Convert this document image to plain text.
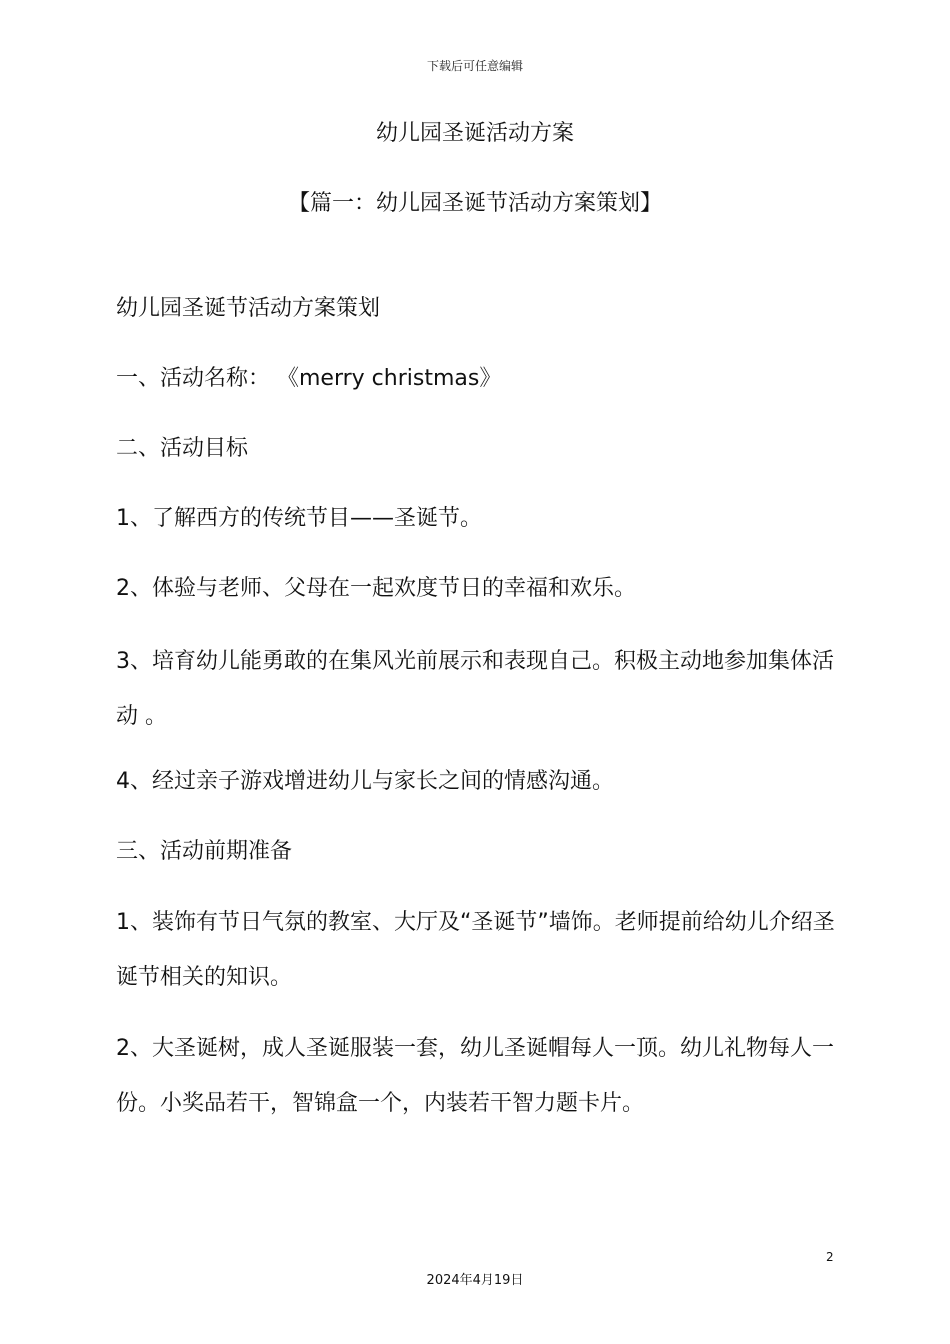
下载后可任意编辑
幼儿园圣诞活动方案
【篇一：幼儿园圣诞节活动方案策划】
幼儿园圣诞节活动方案策划
一、活动名称： 《merry christmas》
二、活动目标
1、了解西方的传统节目——圣诞节。
2、体验与老师、父母在一起欢度节日的幸福和欢乐。
3、培育幼儿能勇敢的在集风光前展示和表现自己。积极主动地参加集体活动 。
4、经过亲子游戏增进幼儿与家长之间的情感沟通。
三、活动前期准备
1、装饰有节日气氛的教室、大厅及“圣诞节”墙饰。老师提前给幼儿介绍圣诞节相关的知识。
2、大圣诞树，成人圣诞服装一套，幼儿圣诞帽每人一顶。幼儿礼物每人一份。小奖品若干，智锦盒一个，内装若干智力题卡片。
2
2024年4月19日
